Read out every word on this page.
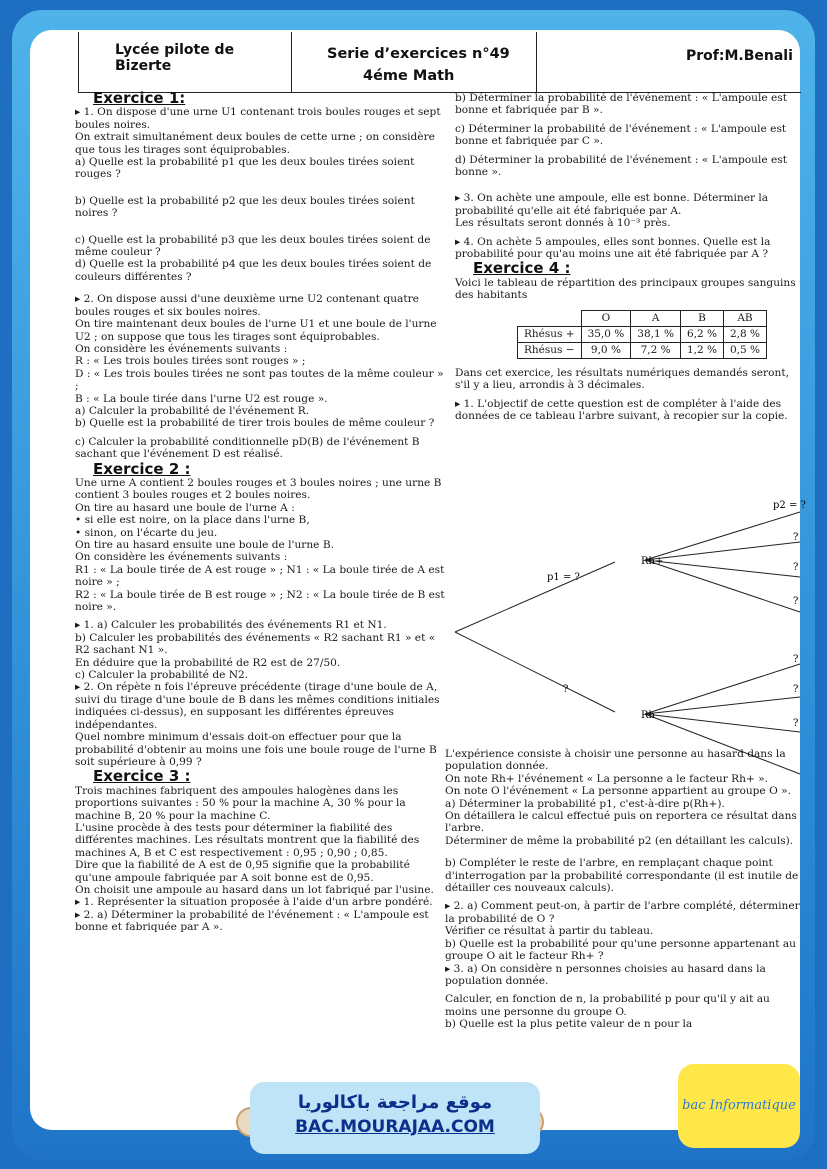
Lycée pilote de Bizerte
Serie d’exercices n°49
4éme Math
Prof:M.Benali

Exercice 1:

▸ 1. On dispose d'une urne U1 contenant trois boules rouges et sept boules noires.

On extrait simultanément deux boules de cette urne ; on considère que tous les tirages sont équiprobables.

a) Quelle est la probabilité p1 que les deux boules tirées soient rouges ?

b) Quelle est la probabilité p2 que les deux boules tirées soient noires ?

c) Quelle est la probabilité p3 que les deux boules tirées soient de même couleur ?

d) Quelle est la probabilité p4 que les deux boules tirées soient de couleurs différentes ?

▸ 2. On dispose aussi d'une deuxième urne U2 contenant quatre boules rouges et six boules noires.

On tire maintenant deux boules de l'urne U1 et une boule de l'urne U2 ; on suppose que tous les tirages sont équiprobables.

On considère les événements suivants :

R : « Les trois boules tirées sont rouges » ;

D : « Les trois boules tirées ne sont pas toutes de la même couleur » ;

B : « La boule tirée dans l'urne U2 est rouge ».

a) Calculer la probabilité de l'événement R.

b) Quelle est la probabilité de tirer trois boules de même couleur ?

c) Calculer la probabilité conditionnelle pD(B) de l'événement B sachant que l'événement D est réalisé.

Exercice 2 :

Une urne A contient 2 boules rouges et 3 boules noires ; une urne B contient 3 boules rouges et 2 boules noires.

On tire au hasard une boule de l'urne A :

• si elle est noire, on la place dans l'urne B,

• sinon, on l'écarte du jeu.

On tire au hasard ensuite une boule de l'urne B.

On considère les événements suivants :

R1 : « La boule tirée de A est rouge » ; N1 : « La boule tirée de A est noire » ;

R2 : « La boule tirée de B est rouge » ; N2 : « La boule tirée de B est noire ».

▸ 1. a) Calculer les probabilités des événements R1 et N1.

b) Calculer les probabilités des événements « R2 sachant R1 » et « R2 sachant N1 ».

En déduire que la probabilité de R2 est de 27/50.

c) Calculer la probabilité de N2.

▸ 2. On répète n fois l'épreuve précédente (tirage d'une boule de A, suivi du tirage d'une boule de B dans les mêmes conditions initiales indiquées ci-dessus), en supposant les différentes épreuves indépendantes.

Quel nombre minimum d'essais doit-on effectuer pour que la probabilité d'obtenir au moins une fois une boule rouge de l'urne B soit supérieure à 0,99 ?

Exercice 3 :

Trois machines fabriquent des ampoules halogènes dans les proportions suivantes : 50 % pour la machine A, 30 % pour la machine B, 20 % pour la machine C.

L'usine procède à des tests pour déterminer la fiabilité des différentes machines. Les résultats montrent que la fiabilité des machines A, B et C est respectivement : 0,95 ; 0,90 ; 0,85.

Dire que la fiabilité de A est de 0,95 signifie que la probabilité qu'une ampoule fabriquée par A soit bonne est de 0,95.

On choisit une ampoule au hasard dans un lot fabriqué par l'usine.

▸ 1. Représenter la situation proposée à l'aide d'un arbre pondéré.

▸ 2. a) Déterminer la probabilité de l'événement : « L'ampoule est bonne et fabriquée par A ».

b) Déterminer la probabilité de l'événement : « L'ampoule est bonne et fabriquée par B ».

c) Déterminer la probabilité de l'événement : « L'ampoule est bonne et fabriquée par C ».

d) Déterminer la probabilité de l'événement : « L'ampoule est bonne ».

▸ 3. On achète une ampoule, elle est bonne. Déterminer la probabilité qu'elle ait été fabriquée par A.

Les résultats seront donnés à 10⁻³ près.

▸ 4. On achète 5 ampoules, elles sont bonnes. Quelle est la probabilité pour qu'au moins une ait été fabriquée par A ?

Exercice 4 :

Voici le tableau de répartition des principaux groupes sanguins des habitants

	O	A	B	AB
Rhésus +	35,0 %	38,1 %	6,2 %	2,8 %
Rhésus −	9,0 %	7,2 %	1,2 %	0,5 %

Dans cet exercice, les résultats numériques demandés seront, s'il y a lieu, arrondis à 3 décimales.

▸ 1. L'objectif de cette question est de compléter à l'aide des données de ce tableau l'arbre suivant, à recopier sur la copie.

p1 = ?
p2 = ?
Rh+
Rh
?
?
?
?
?
?
?

L'expérience consiste à choisir une personne au hasard dans la population donnée.

On note Rh+ l'événement « La personne a le facteur Rh+ ».

On note O l'événement « La personne appartient au groupe O ».

a) Déterminer la probabilité p1, c'est-à-dire p(Rh+).

On détaillera le calcul effectué puis on reportera ce résultat dans l'arbre.

Déterminer de même la probabilité p2 (en détaillant les calculs).

b) Compléter le reste de l'arbre, en remplaçant chaque point d'interrogation par la probabilité correspondante (il est inutile de détailler ces nouveaux calculs).

▸ 2. a) Comment peut-on, à partir de l'arbre complété, déterminer la probabilité de O ?

Vérifier ce résultat à partir du tableau.

b) Quelle est la probabilité pour qu'une personne appartenant au groupe O ait le facteur Rh+ ?

▸ 3. a) On considère n personnes choisies au hasard dans la population donnée.

Calculer, en fonction de n, la probabilité p pour qu'il y ait au moins une personne du groupe O.

b) Quelle est la plus petite valeur de n pour la

موقع مراجعة باكالوريا
BAC.MOURAJAA.COM
bac Informatique
